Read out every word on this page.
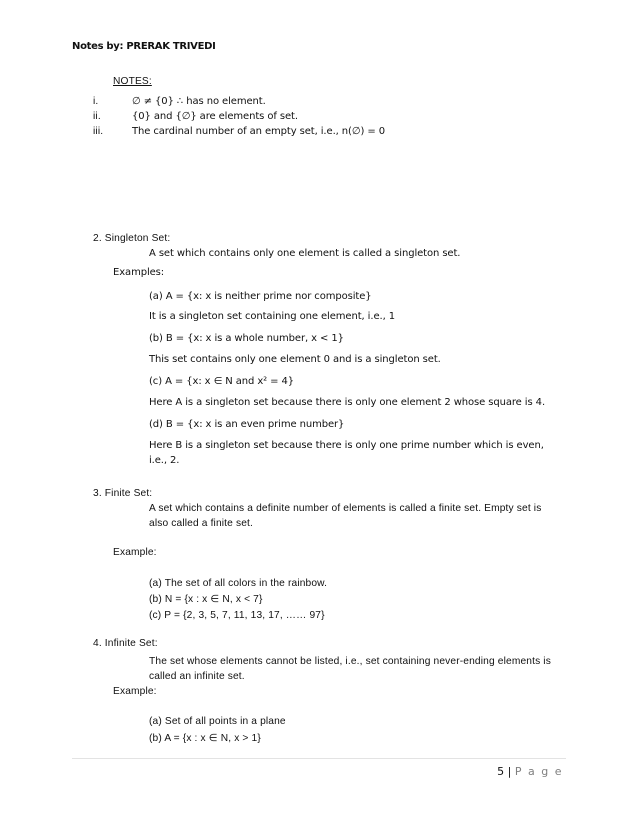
Notes by: PRERAK TRIVEDI
NOTES:
i.	∅ ≠ {0} ∴ has no element.
ii.	{0} and {∅} are elements of set.
iii.	The cardinal number of an empty set, i.e., n(∅) = 0
2. Singleton Set:
A set which contains only one element is called a singleton set.
Examples:
(a) A = {x: x is neither prime nor composite}
It is a singleton set containing one element, i.e., 1
(b) B = {x: x is a whole number, x < 1}
This set contains only one element 0 and is a singleton set.
(c) A = {x: x ∈ N and x² = 4}
Here A is a singleton set because there is only one element 2 whose square is 4.
(d) B = {x: x is an even prime number}
Here B is a singleton set because there is only one prime number which is even,
i.e., 2.
3. Finite Set:
A set which contains a definite number of elements is called a finite set. Empty set is
also called a finite set.
Example:
(a) The set of all colors in the rainbow.
(b) N = {x : x ∈ N, x < 7}
(c) P = {2, 3, 5, 7, 11, 13, 17, …… 97}
4. Infinite Set:
The set whose elements cannot be listed, i.e., set containing never-ending elements is
called an infinite set.
Example:
(a) Set of all points in a plane
(b) A = {x : x ∈ N, x > 1}
5 | P a g e
